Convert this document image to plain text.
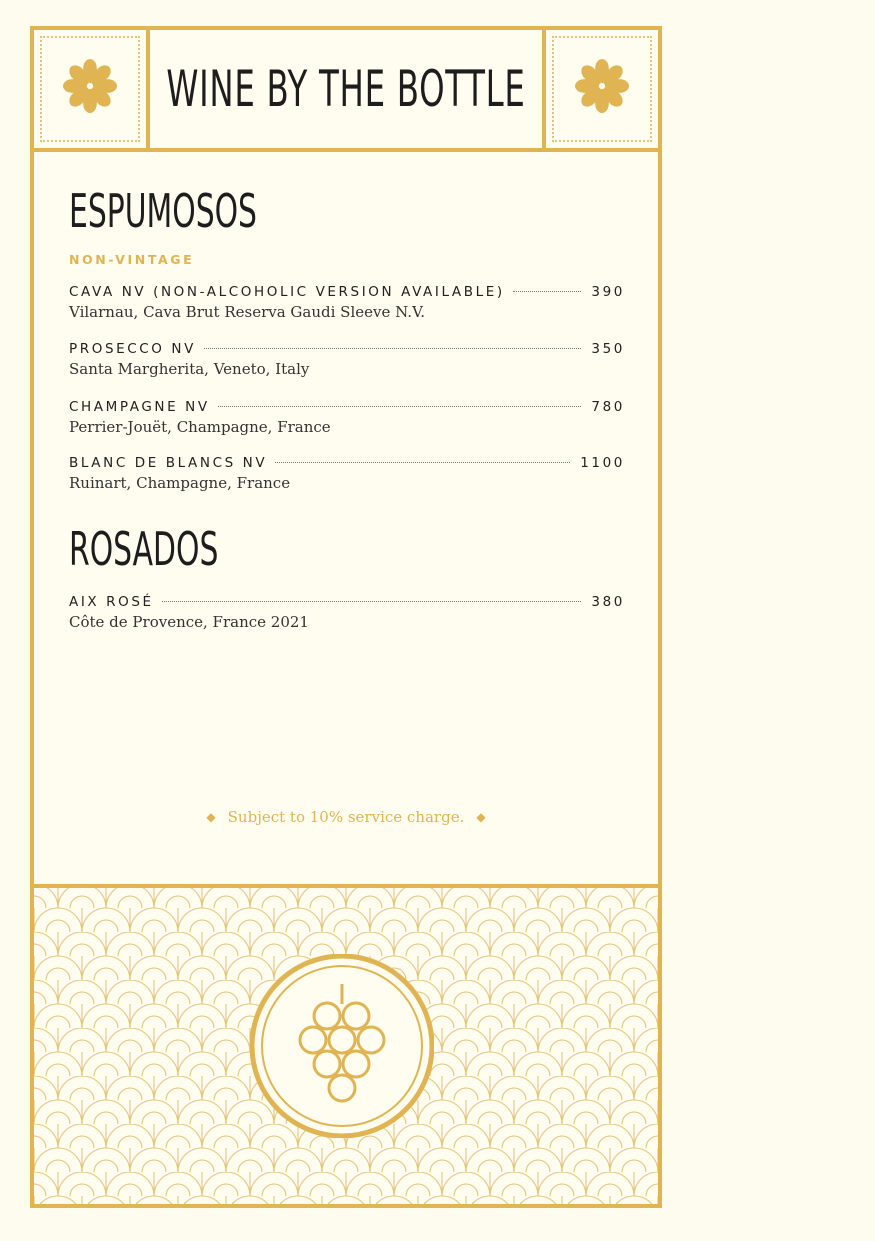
WINE BY THE BOTTLE
ESPUMOSOS

NON-VINTAGE

CAVA NV (NON-ALCOHOLIC VERSION AVAILABLE)	390
Vilarnau, Cava Brut Reserva Gaudi Sleeve N.V.
PROSECCO NV	350
Santa Margherita, Veneto, Italy
CHAMPAGNE NV	780
Perrier-Jouët, Champagne, France
BLANC DE BLANCS NV	1100
Ruinart, Champagne, France
ROSADOS
AIX ROSÉ	380
Côte de Provence, France 2021
◆ Subject to 10% service charge. ◆
